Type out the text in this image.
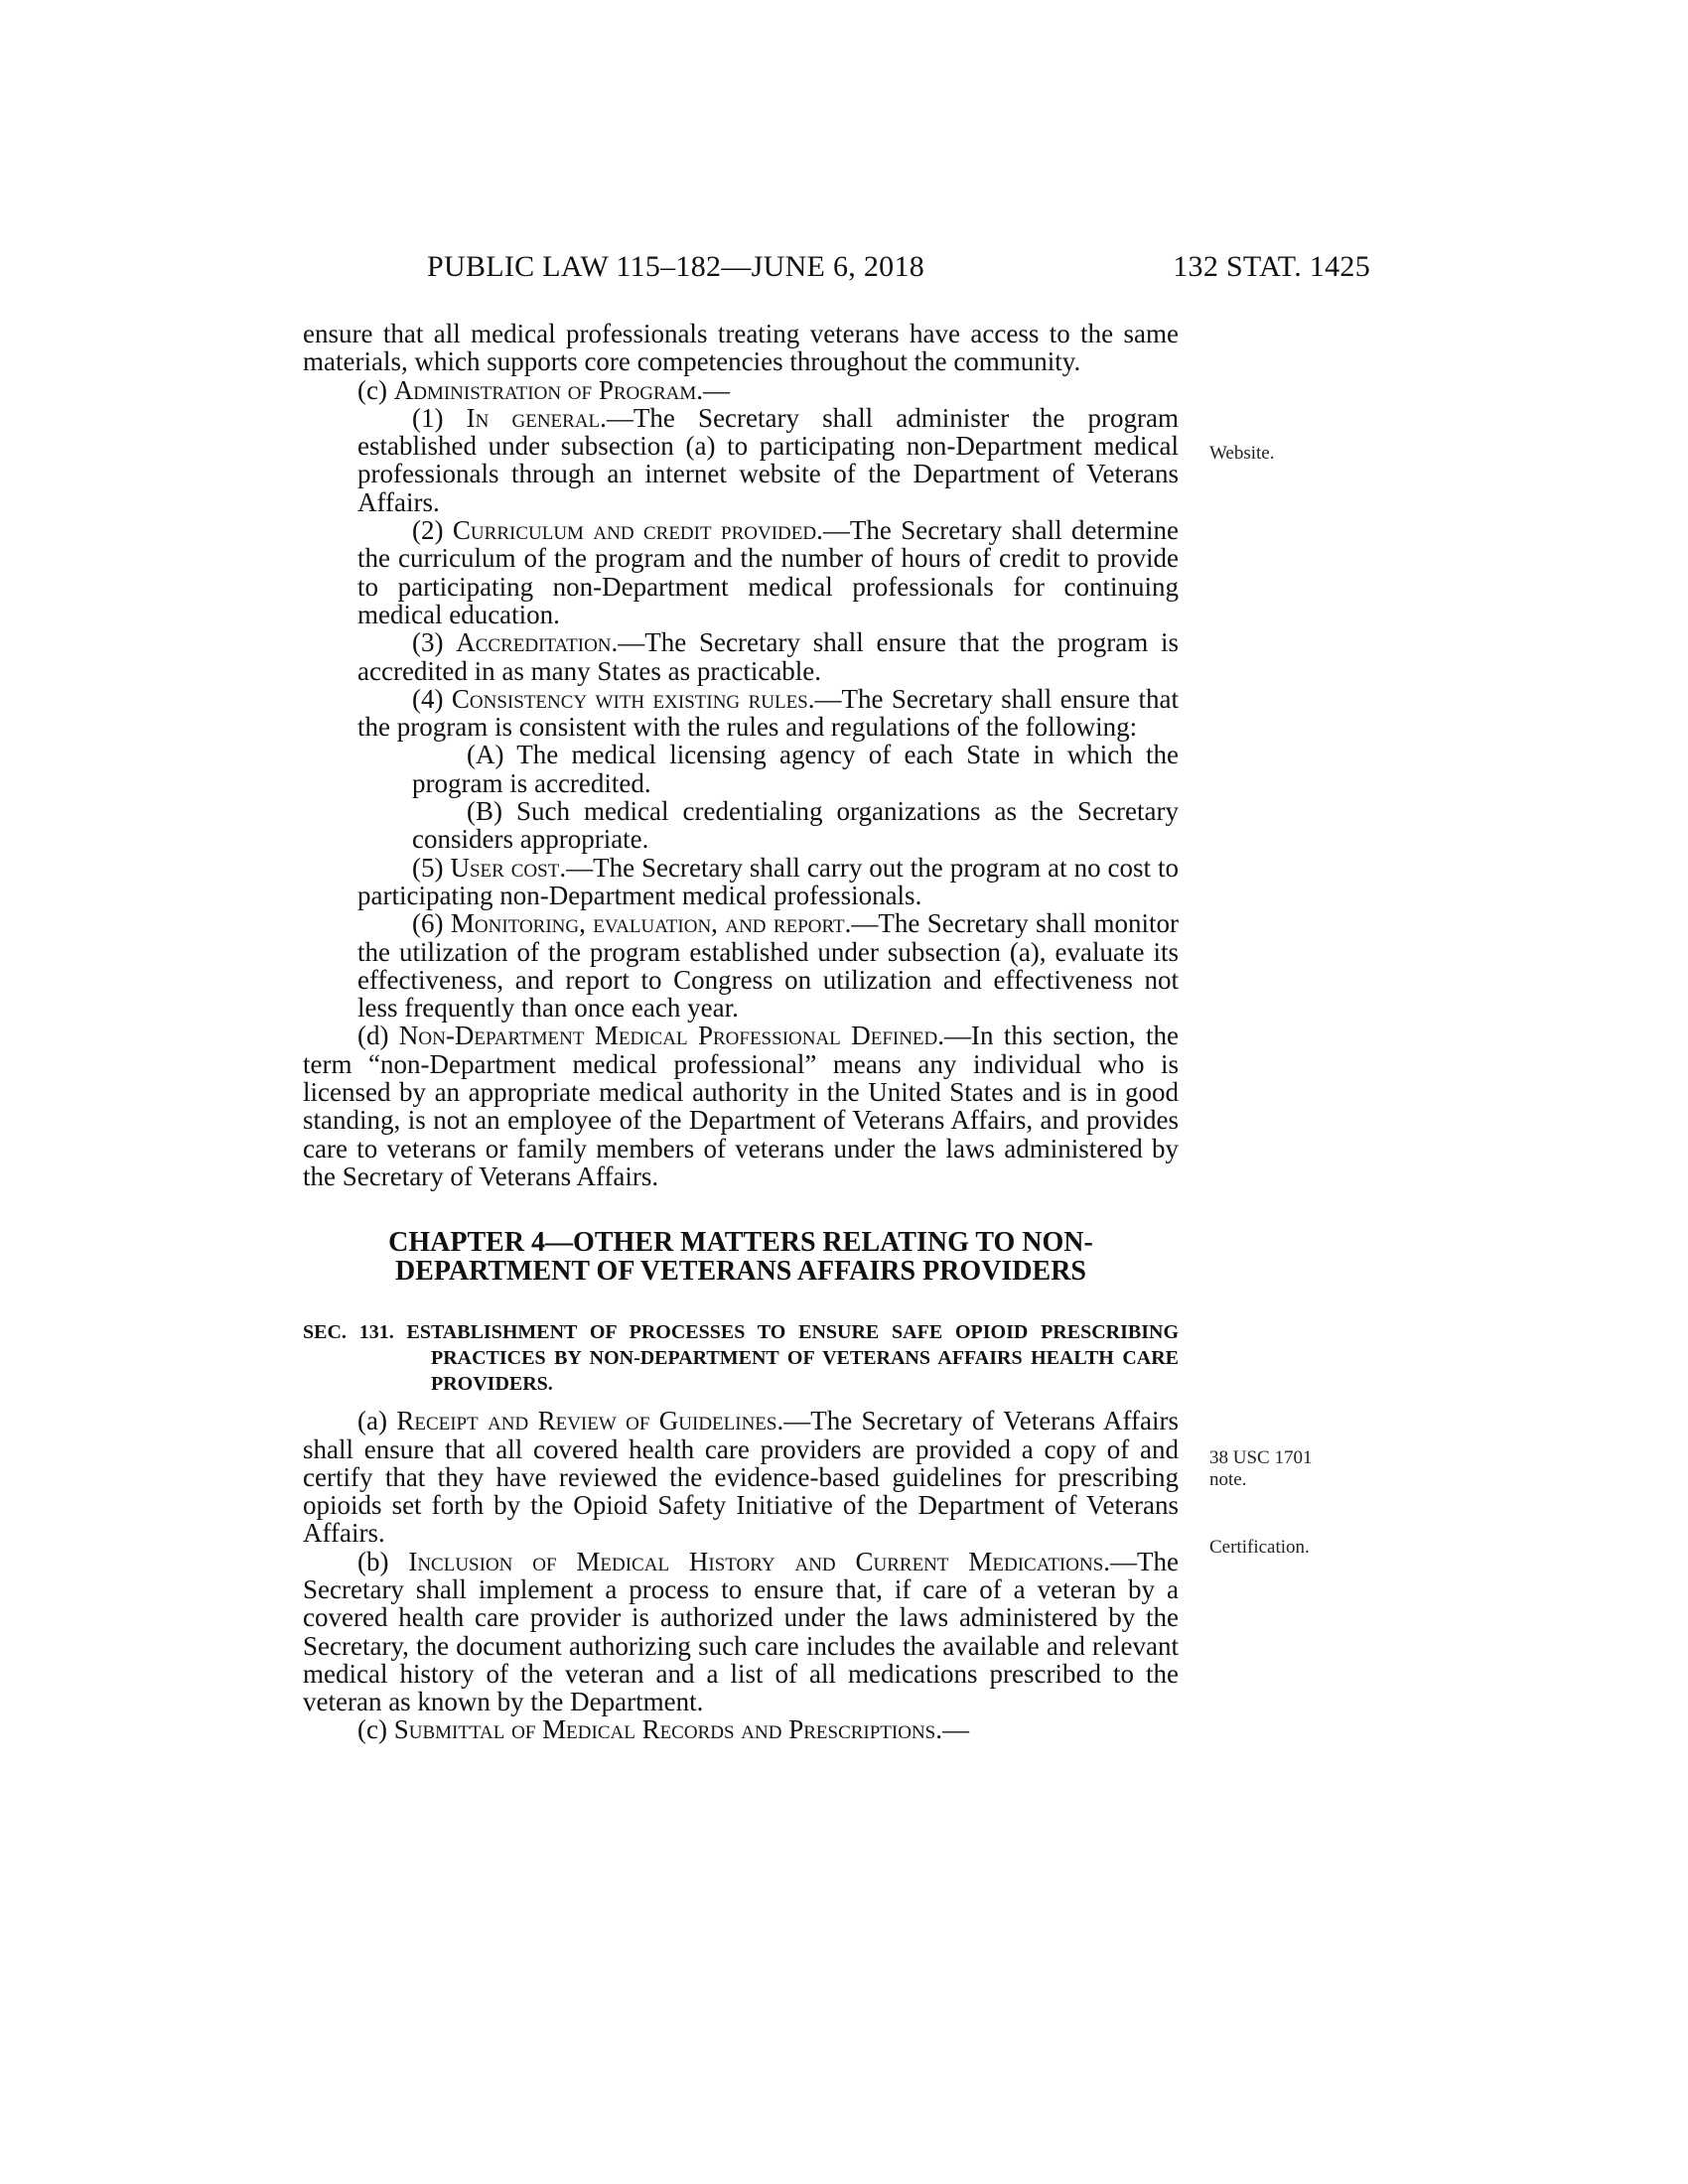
PUBLIC LAW 115–182—JUNE 6, 2018	132 STAT. 1425
Website.
38 USC 1701 note.
Certification.

ensure that all medical professionals treating veterans have access to the same materials, which supports core competencies throughout the community.

(c) Administration of Program.—

(1) In general.—The Secretary shall administer the program established under subsection (a) to participating non-Department medical professionals through an internet website of the Department of Veterans Affairs.

(2) Curriculum and credit provided.—The Secretary shall determine the curriculum of the program and the number of hours of credit to provide to participating non-Department medical professionals for continuing medical education.

(3) Accreditation.—The Secretary shall ensure that the program is accredited in as many States as practicable.

(4) Consistency with existing rules.—The Secretary shall ensure that the program is consistent with the rules and regulations of the following:

(A) The medical licensing agency of each State in which the program is accredited.

(B) Such medical credentialing organizations as the Secretary considers appropriate.

(5) User cost.—The Secretary shall carry out the program at no cost to participating non-Department medical professionals.

(6) Monitoring, evaluation, and report.—The Secretary shall monitor the utilization of the program established under subsection (a), evaluate its effectiveness, and report to Congress on utilization and effectiveness not less frequently than once each year.

(d) Non-Department Medical Professional Defined.—In this section, the term “non-Department medical professional” means any individual who is licensed by an appropriate medical authority in the United States and is in good standing, is not an employee of the Department of Veterans Affairs, and provides care to veterans or family members of veterans under the laws administered by the Secretary of Veterans Affairs.

CHAPTER 4—OTHER MATTERS RELATING TO NON-
DEPARTMENT OF VETERANS AFFAIRS PROVIDERS

SEC. 131. ESTABLISHMENT OF PROCESSES TO ENSURE SAFE OPIOID PRESCRIBING PRACTICES BY NON-DEPARTMENT OF VETERANS AFFAIRS HEALTH CARE PROVIDERS.

(a) Receipt and Review of Guidelines.—The Secretary of Veterans Affairs shall ensure that all covered health care providers are provided a copy of and certify that they have reviewed the evidence-based guidelines for prescribing opioids set forth by the Opioid Safety Initiative of the Department of Veterans Affairs.

(b) Inclusion of Medical History and Current Medications.—The Secretary shall implement a process to ensure that, if care of a veteran by a covered health care provider is authorized under the laws administered by the Secretary, the document authorizing such care includes the available and relevant medical history of the veteran and a list of all medications prescribed to the veteran as known by the Department.

(c) Submittal of Medical Records and Prescriptions.—
